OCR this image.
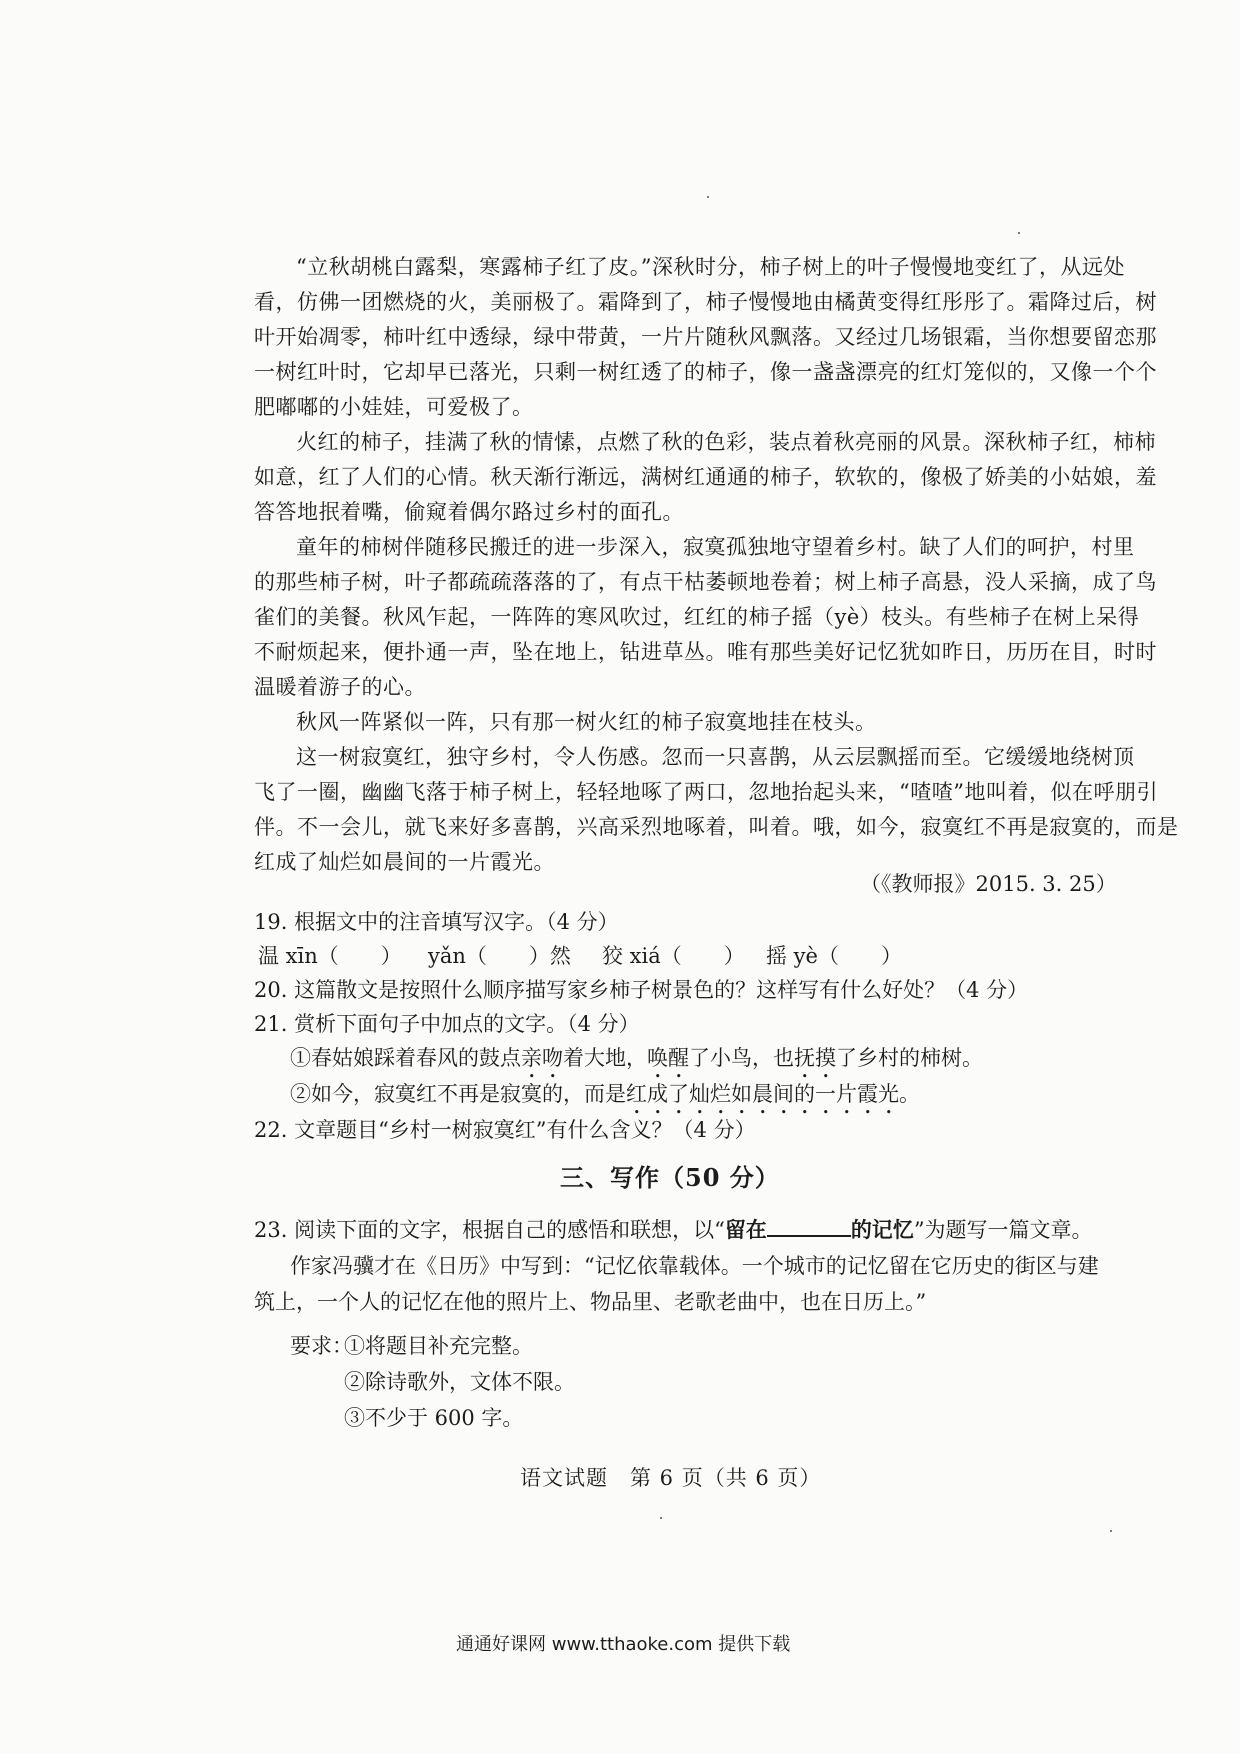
“立秋胡桃白露梨，寒露柿子红了皮。”深秋时分，柿子树上的叶子慢慢地变红了，从远处
看，仿佛一团燃烧的火，美丽极了。霜降到了，柿子慢慢地由橘黄变得红彤彤了。霜降过后，树
叶开始凋零，柿叶红中透绿，绿中带黄，一片片随秋风飘落。又经过几场银霜，当你想要留恋那
一树红叶时，它却早已落光，只剩一树红透了的柿子，像一盏盏漂亮的红灯笼似的，又像一个个
肥嘟嘟的小娃娃，可爱极了。
火红的柿子，挂满了秋的情愫，点燃了秋的色彩，装点着秋亮丽的风景。深秋柿子红，柿柿
如意，红了人们的心情。秋天渐行渐远，满树红通通的柿子，软软的，像极了娇美的小姑娘，羞
答答地抿着嘴，偷窥着偶尔路过乡村的面孔。
童年的柿树伴随移民搬迁的进一步深入，寂寞孤独地守望着乡村。缺了人们的呵护，村里
的那些柿子树，叶子都疏疏落落的了，有点干枯萎顿地卷着；树上柿子高悬，没人采摘，成了鸟
雀们的美餐。秋风乍起，一阵阵的寒风吹过，红红的柿子摇（yè）枝头。有些柿子在树上呆得
不耐烦起来，便扑通一声，坠在地上，钻进草丛。唯有那些美好记忆犹如昨日，历历在目，时时
温暖着游子的心。
秋风一阵紧似一阵，只有那一树火红的柿子寂寞地挂在枝头。
这一树寂寞红，独守乡村，令人伤感。忽而一只喜鹊，从云层飘摇而至。它缓缓地绕树顶
飞了一圈，幽幽飞落于柿子树上，轻轻地啄了两口，忽地抬起头来，“喳喳”地叫着，似在呼朋引
伴。不一会儿，就飞来好多喜鹊，兴高采烈地啄着，叫着。哦，如今，寂寞红不再是寂寞的，而是
红成了灿烂如晨间的一片霞光。
（《教师报》2015. 3. 25）
19. 根据文中的注音填写汉字。（4 分）
温 xīn（　　） yǎn（　　）然 狡 xiá（　　） 摇 yè（　　）
20. 这篇散文是按照什么顺序描写家乡柿子树景色的？这样写有什么好处？（4 分）
21. 赏析下面句子中加点的文字。（4 分）
①春姑娘踩着春风的鼓点亲吻着大地，唤醒了小鸟，也抚摸了乡村的柿树。
②如今，寂寞红不再是寂寞的，而是红成了灿烂如晨间的一片霞光。
22. 文章题目“乡村一树寂寞红”有什么含义？（4 分）
三、写作（50 分）
23. 阅读下面的文字，根据自己的感悟和联想，以“留在	的记忆”为题写一篇文章。
作家冯骥才在《日历》中写到：“记忆依靠载体。一个城市的记忆留在它历史的街区与建
筑上，一个人的记忆在他的照片上、物品里、老歌老曲中，也在日历上。”
要求：
①将题目补充完整。
②除诗歌外，文体不限。
③不少于 600 字。
语文试题　第 6 页（共 6 页）
通通好课网 www.tthaoke.com 提供下载
